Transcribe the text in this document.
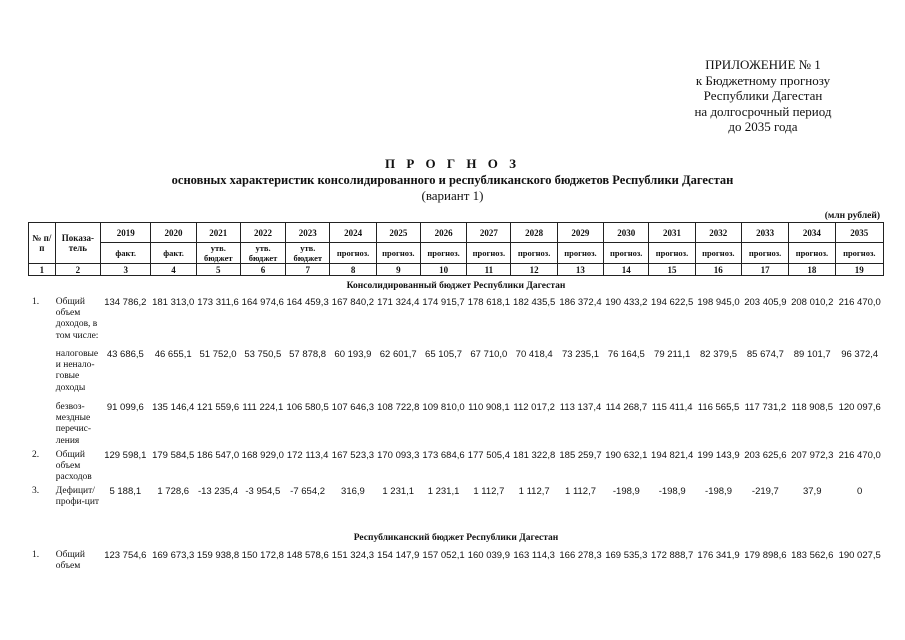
ПРИЛОЖЕНИЕ № 1
к Бюджетному прогнозу
Республики Дагестан
на долгосрочный период
до 2035 года
П Р О Г Н О З
основных характеристик консолидированного и республиканского бюджетов Республики Дагестан
(вариант 1)
(млн рублей)
№ п/п	Показа-тель	2019	2020	2021	2022	2023	2024	2025	2026	2027	2028	2029	2030	2031	2032	2033	2034	2035
		факт.	факт.	утв. бюджет	утв. бюджет	утв. бюджет	прогноз.	прогноз.	прогноз.	прогноз.	прогноз.	прогноз.	прогноз.	прогноз.	прогноз.	прогноз.	прогноз.	прогноз.
1	2	3	4	5	6	7	8	9	10	11	12	13	14	15	16	17	18	19
Консолидированный бюджет Республики Дагестан
1.	Общий объем доходов, в том числе:	134 786,2	181 313,0	173 311,6	164 974,6	164 459,3	167 840,2	171 324,4	174 915,7	178 618,1	182 435,5	186 372,4	190 433,2	194 622,5	198 945,0	203 405,9	208 010,2	216 470,0
	налоговые и ненало-говые доходы	43 686,5	46 655,1	51 752,0	53 750,5	57 878,8	60 193,9	62 601,7	65 105,7	67 710,0	70 418,4	73 235,1	76 164,5	79 211,1	82 379,5	85 674,7	89 101,7	96 372,4
	безвоз-мездные перечис-ления	91 099,6	135 146,4	121 559,6	111 224,1	106 580,5	107 646,3	108 722,8	109 810,0	110 908,1	112 017,2	113 137,4	114 268,7	115 411,4	116 565,5	117 731,2	118 908,5	120 097,6
2.	Общий объем расходов	129 598,1	179 584,5	186 547,0	168 929,0	172 113,4	167 523,3	170 093,3	173 684,6	177 505,4	181 322,8	185 259,7	190 632,1	194 821,4	199 143,9	203 625,6	207 972,3	216 470,0
3.	Дефицит/ профи-цит	5 188,1	1 728,6	-13 235,4	-3 954,5	-7 654,2	316,9	1 231,1	1 231,1	1 112,7	1 112,7	1 112,7	-198,9	-198,9	-198,9	-219,7	37,9	0
Республиканский бюджет Республики Дагестан
1.	Общий объем	123 754,6	169 673,3	159 938,8	150 172,8	148 578,6	151 324,3	154 147,9	157 052,1	160 039,9	163 114,3	166 278,3	169 535,3	172 888,7	176 341,9	179 898,6	183 562,6	190 027,5
